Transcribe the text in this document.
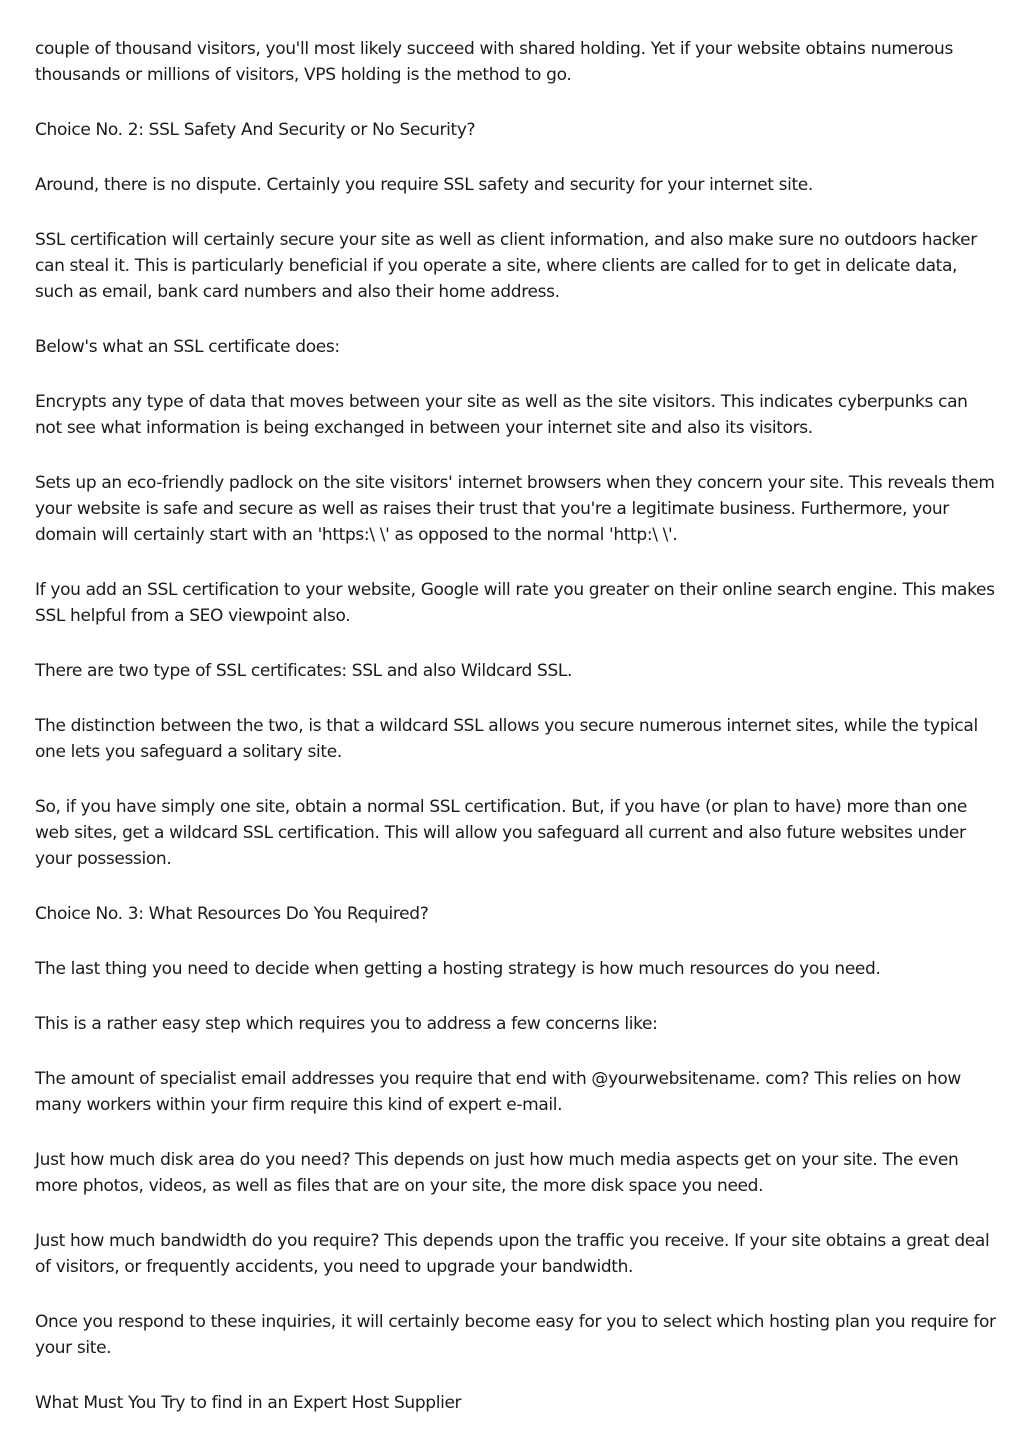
couple of thousand visitors, you'll most likely succeed with shared holding. Yet if your website obtains numerous thousands or millions of visitors, VPS holding is the method to go.

Choice No. 2: SSL Safety And Security or No Security?

Around, there is no dispute. Certainly you require SSL safety and security for your internet site.

SSL certification will certainly secure your site as well as client information, and also make sure no outdoors hacker can steal it. This is particularly beneficial if you operate a site, where clients are called for to get in delicate data, such as email, bank card numbers and also their home address.

Below's what an SSL certificate does:

Encrypts any type of data that moves between your site as well as the site visitors. This indicates cyberpunks can not see what information is being exchanged in between your internet site and also its visitors.

Sets up an eco-friendly padlock on the site visitors' internet browsers when they concern your site. This reveals them your website is safe and secure as well as raises their trust that you're a legitimate business. Furthermore, your domain will certainly start with an 'https:\ \' as opposed to the normal 'http:\ \'.

If you add an SSL certification to your website, Google will rate you greater on their online search engine. This makes SSL helpful from a SEO viewpoint also.

There are two type of SSL certificates: SSL and also Wildcard SSL.

The distinction between the two, is that a wildcard SSL allows you secure numerous internet sites, while the typical one lets you safeguard a solitary site.

So, if you have simply one site, obtain a normal SSL certification. But, if you have (or plan to have) more than one web sites, get a wildcard SSL certification. This will allow you safeguard all current and also future websites under your possession.

Choice No. 3: What Resources Do You Required?

The last thing you need to decide when getting a hosting strategy is how much resources do you need.

This is a rather easy step which requires you to address a few concerns like:

The amount of specialist email addresses you require that end with @yourwebsitename. com? This relies on how many workers within your firm require this kind of expert e-mail.

Just how much disk area do you need? This depends on just how much media aspects get on your site. The even more photos, videos, as well as files that are on your site, the more disk space you need.

Just how much bandwidth do you require? This depends upon the traffic you receive. If your site obtains a great deal of visitors, or frequently accidents, you need to upgrade your bandwidth.

Once you respond to these inquiries, it will certainly become easy for you to select which hosting plan you require for your site.

What Must You Try to find in an Expert Host Supplier
